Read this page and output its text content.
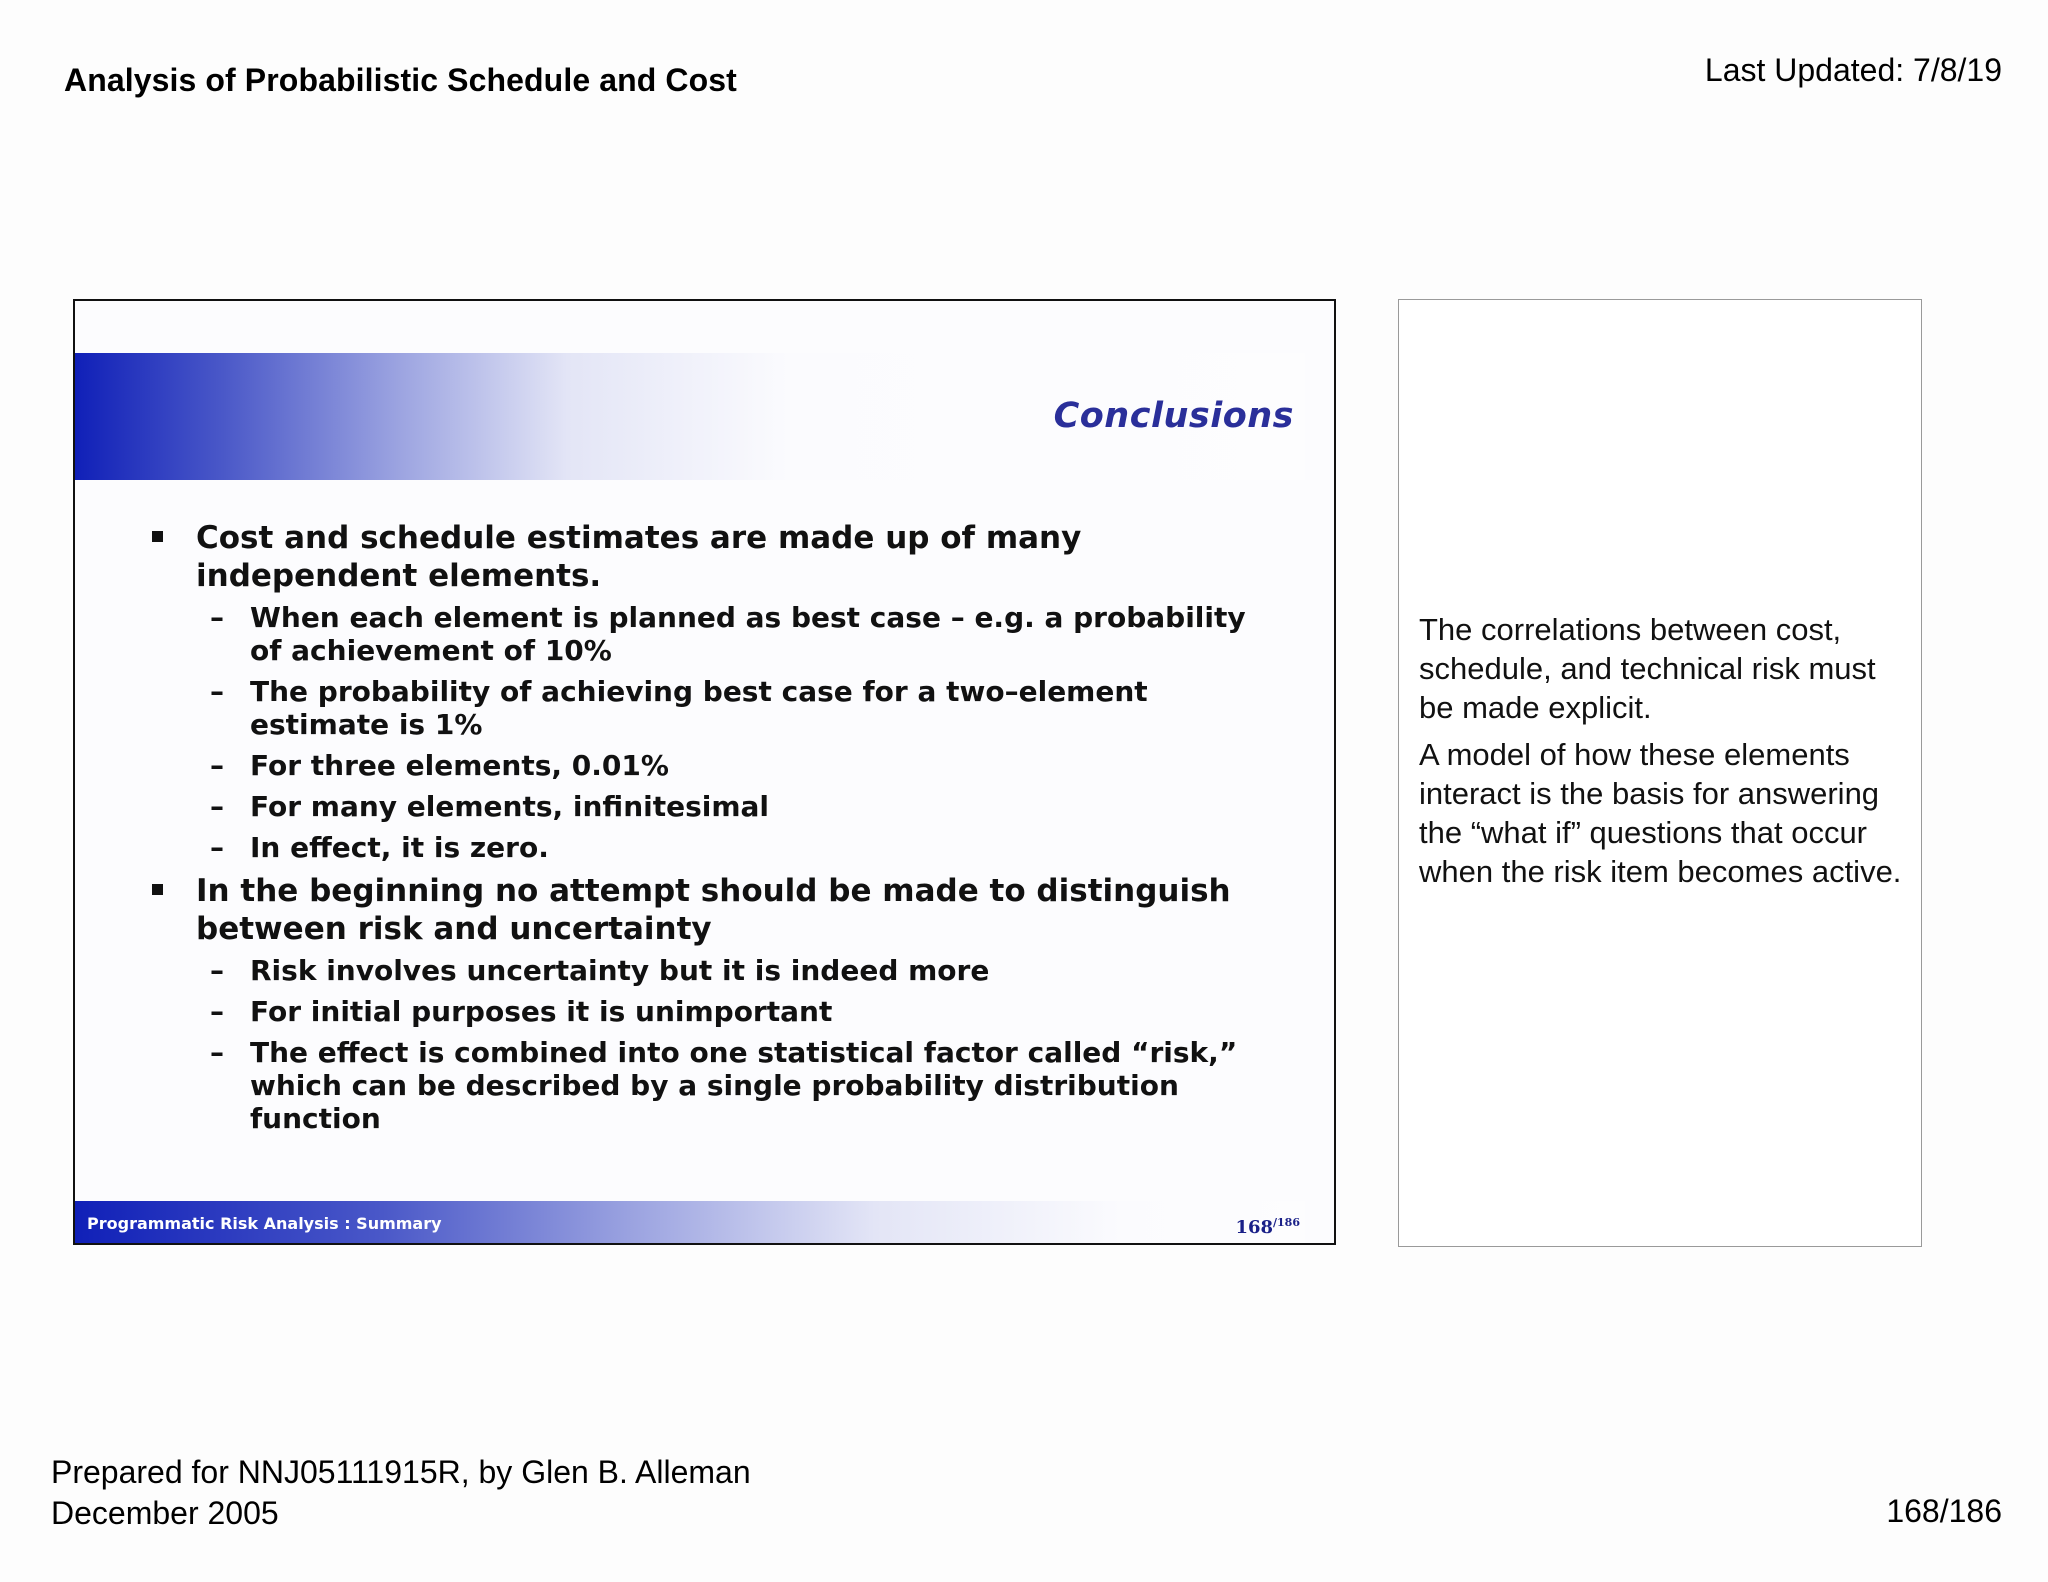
Analysis of Probabilistic Schedule and Cost	Last Updated: 7/8/19
Conclusions
Cost and schedule estimates are made up of many independent elements.
– When each element is planned as best case – e.g. a probability of achievement of 10%
– The probability of achieving best case for a two–element estimate is 1%
– For three elements, 0.01%
– For many elements, infinitesimal
– In effect, it is zero.
In the beginning no attempt should be made to distinguish between risk and uncertainty
– Risk involves uncertainty but it is indeed more
– For initial purposes it is unimportant
– The effect is combined into one statistical factor called “risk,” which can be described by a single probability distribution function
Programmatic Risk Analysis : Summary	$168^{/186}$

The correlations between cost, schedule, and technical risk must be made explicit.

A model of how these elements interact is the basis for answering the “what if” questions that occur when the risk item becomes active.

Prepared for NNJ05111915R, by Glen B. Alleman
December 2005	168/186
